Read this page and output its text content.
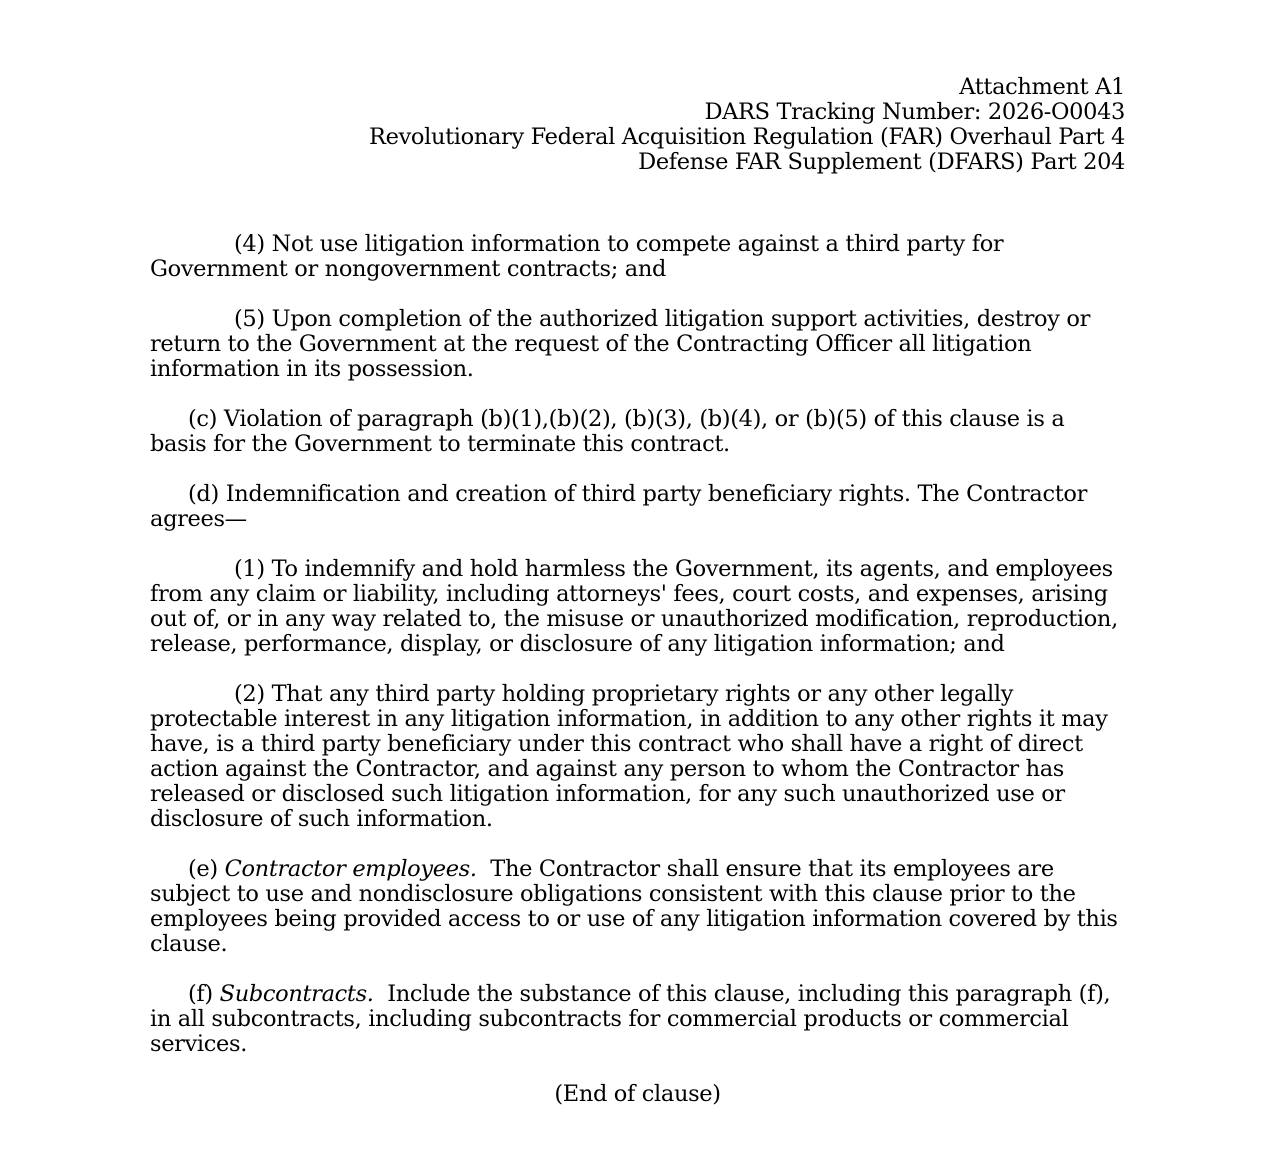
Attachment A1
DARS Tracking Number: 2026-O0043
Revolutionary Federal Acquisition Regulation (FAR) Overhaul Part 4
Defense FAR Supplement (DFARS) Part 204

(4) Not use litigation information to compete against a third party for Government or nongovernment contracts; and

(5) Upon completion of the authorized litigation support activities, destroy or return to the Government at the request of the Contracting Officer all litigation information in its possession.

(c) Violation of paragraph (b)(1),(b)(2), (b)(3), (b)(4), or (b)(5) of this clause is a basis for the Government to terminate this contract.

(d) Indemnification and creation of third party beneficiary rights. The Contractor agrees—

(1) To indemnify and hold harmless the Government, its agents, and employees from any claim or liability, including attorneys' fees, court costs, and expenses, arising out of, or in any way related to, the misuse or unauthorized modification, reproduction, release, performance, display, or disclosure of any litigation information; and

(2) That any third party holding proprietary rights or any other legally protectable interest in any litigation information, in addition to any other rights it may have, is a third party beneficiary under this contract who shall have a right of direct action against the Contractor, and against any person to whom the Contractor has released or disclosed such litigation information, for any such unauthorized use or disclosure of such information.

(e) Contractor employees.  The Contractor shall ensure that its employees are subject to use and nondisclosure obligations consistent with this clause prior to the employees being provided access to or use of any litigation information covered by this clause.

(f) Subcontracts.  Include the substance of this clause, including this paragraph (f), in all subcontracts, including subcontracts for commercial products or commercial services.

(End of clause)
